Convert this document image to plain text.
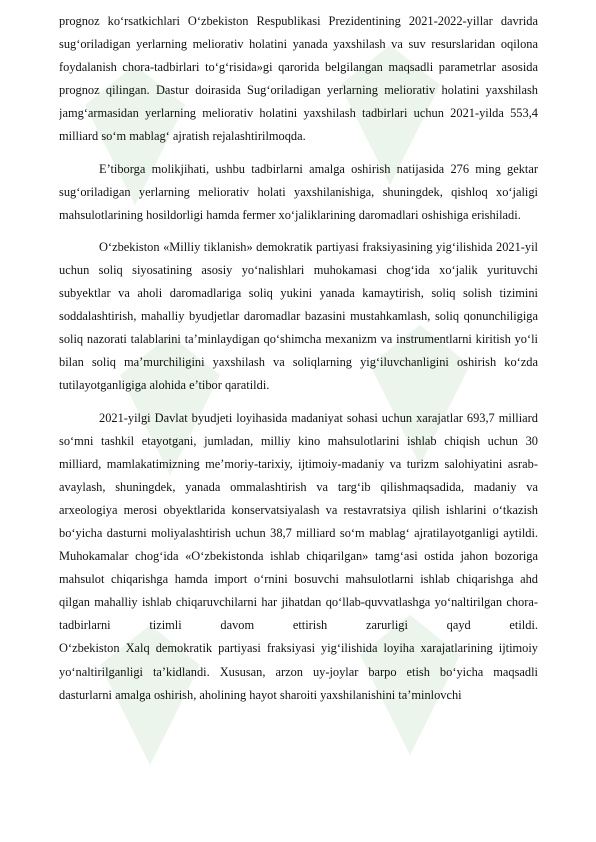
prognoz ko‘rsatkichlari O‘zbekiston Respublikasi Prezidentining 2021-2022-yillar davrida sug‘oriladigan yerlarning meliorativ holatini yanada yaxshilash va suv resurslaridan oqilona foydalanish chora-tadbirlari to‘g‘risida»gi qarorida belgilangan maqsadli parametrlar asosida prognoz qilingan. Dastur doirasida Sug‘oriladigan yerlarning meliorativ holatini yaxshilash jamg‘armasidan yerlarning meliorativ holatini yaxshilash tadbirlari uchun 2021-yilda 553,4 milliard so‘m mablag‘ ajratish rejalashtirilmoqda.

E’tiborga molikjihati, ushbu tadbirlarni amalga oshirish natijasida 276 ming gektar sug‘oriladigan yerlarning meliorativ holati yaxshilanishiga, shuningdek, qishloq xo‘jaligi mahsulotlarining hosildorligi hamda fermer xo‘jaliklarining daromadlari oshishiga erishiladi.

O‘zbekiston «Milliy tiklanish» demokratik partiyasi fraksiyasining yig‘ilishida 2021-yil uchun soliq siyosatining asosiy yo‘nalishlari muhokamasi chog‘ida xo‘jalik yurituvchi subyektlar va aholi daromadlariga soliq yukini yanada kamaytirish, soliq solish tizimini soddalashtirish, mahalliy byudjetlar daromadlar bazasini mustahkamlash, soliq qonunchiligiga soliq nazorati talablarini ta’minlaydigan qo‘shimcha mexanizm va instrumentlarni kiritish yo‘li bilan soliq ma’murchiligini yaxshilash va soliqlarning yig‘iluvchanligini oshirish ko‘zda tutilayotganligiga alohida e’tibor qaratildi.

2021-yilgi Davlat byudjeti loyihasida madaniyat sohasi uchun xarajatlar 693,7 milliard so‘mni tashkil etayotgani, jumladan, milliy kino mahsulotlarini ishlab chiqish uchun 30 milliard, mamlakatimizning me’moriy-tarixiy, ijtimoiy-madaniy va turizm salohiyatini asrab-avaylash, shuningdek, yanada ommalashtirish va targ‘ib qilishmaqsadida, madaniy va arxeologiya merosi obyektlarida konservatsiyalash va restavratsiya qilish ishlarini o‘tkazish bo‘yicha dasturni moliyalashtirish uchun 38,7 milliard so‘m mablag‘ ajratilayotganligi aytildi.

Muhokamalar chog‘ida «O‘zbekistonda ishlab chiqarilgan» tamg‘asi ostida jahon bozoriga mahsulot chiqarishga hamda import o‘rnini bosuvchi mahsulotlarni ishlab chiqarishga ahd qilgan mahalliy ishlab chiqaruvchilarni har jihatdan qo‘llab-quvvatlashga yo‘naltirilgan chora-tadbirlarni tizimli davom ettirish zarurligi qayd etildi.

O‘zbekiston Xalq demokratik partiyasi fraksiyasi yig‘ilishida loyiha xarajatlarining ijtimoiy yo‘naltirilganligi ta’kidlandi. Xususan, arzon uy-joylar barpo etish bo‘yicha maqsadli dasturlarni amalga oshirish, aholining hayot sharoiti yaxshilanishini ta’minlovchi
